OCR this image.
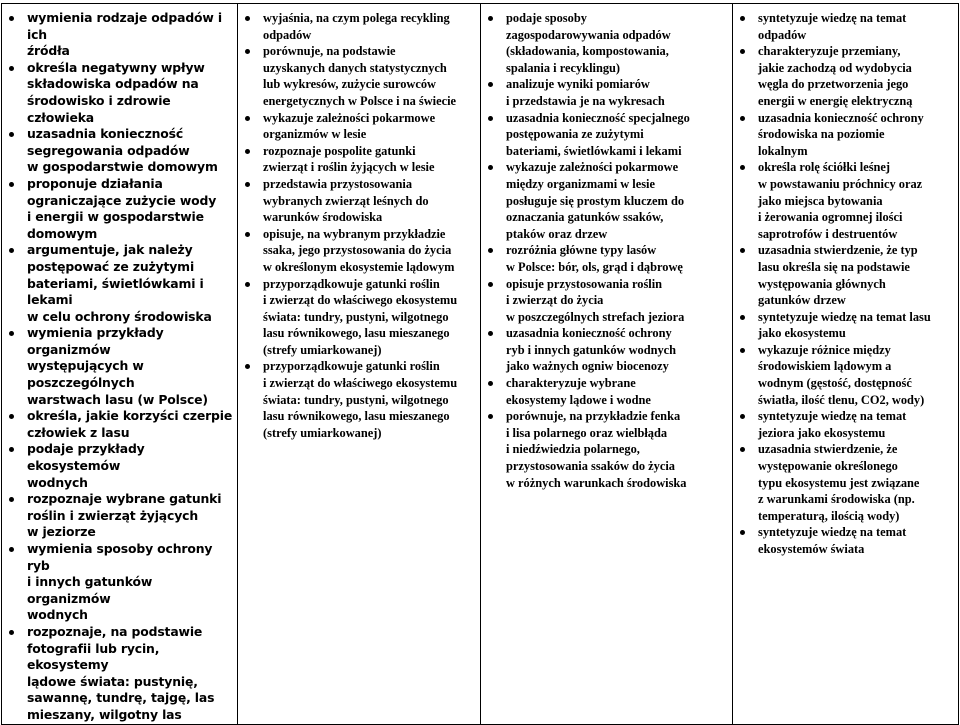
wymienia rodzaje odpadów i ich
źródła
określa negatywny wpływ
składowiska odpadów na
środowisko i zdrowie człowieka
uzasadnia konieczność
segregowania odpadów
w gospodarstwie domowym
proponuje działania
ograniczające zużycie wody
i energii w gospodarstwie
domowym
argumentuje, jak należy
postępować ze zużytymi
bateriami, świetlówkami i lekami
w celu ochrony środowiska
wymienia przykłady organizmów
występujących w poszczególnych
warstwach lasu (w Polsce)
określa, jakie korzyści czerpie
człowiek z lasu
podaje przykłady ekosystemów
wodnych
rozpoznaje wybrane gatunki
roślin i zwierząt żyjących
w jeziorze
wymienia sposoby ochrony ryb
i innych gatunków organizmów
wodnych
rozpoznaje, na podstawie
fotografii lub rycin, ekosystemy
lądowe świata: pustynię,
sawannę, tundrę, tajgę, las
mieszany, wilgotny las

wyjaśnia, na czym polega recykling
odpadów
porównuje, na podstawie
uzyskanych danych statystycznych
lub wykresów, zużycie surowców
energetycznych w Polsce i na świecie
wykazuje zależności pokarmowe
organizmów w lesie
rozpoznaje pospolite gatunki
zwierząt i roślin żyjących w lesie
przedstawia przystosowania
wybranych zwierząt leśnych do
warunków środowiska
opisuje, na wybranym przykładzie
ssaka, jego przystosowania do życia
w określonym ekosystemie lądowym
przyporządkowuje gatunki roślin
i zwierząt do właściwego ekosystemu
świata: tundry, pustyni, wilgotnego
lasu równikowego, lasu mieszanego
(strefy umiarkowanej)
przyporządkowuje gatunki roślin
i zwierząt do właściwego ekosystemu
świata: tundry, pustyni, wilgotnego
lasu równikowego, lasu mieszanego
(strefy umiarkowanej)

podaje sposoby
zagospodarowywania odpadów
(składowania, kompostowania,
spalania i recyklingu)
analizuje wyniki pomiarów
i przedstawia je na wykresach
uzasadnia konieczność specjalnego
postępowania ze zużytymi
bateriami, świetlówkami i lekami
wykazuje zależności pokarmowe
między organizmami w lesie
posługuje się prostym kluczem do
oznaczania gatunków ssaków,
ptaków oraz drzew
rozróżnia główne typy lasów
w Polsce: bór, ols, grąd i dąbrowę
opisuje przystosowania roślin
i zwierząt do życia
w poszczególnych strefach jeziora
uzasadnia konieczność ochrony
ryb i innych gatunków wodnych
jako ważnych ogniw biocenozy
charakteryzuje wybrane
ekosystemy lądowe i wodne
porównuje, na przykładzie fenka
i lisa polarnego oraz wielbłąda
i niedźwiedzia polarnego,
przystosowania ssaków do życia
w różnych warunkach środowiska

syntetyzuje wiedzę na temat
odpadów
charakteryzuje przemiany,
jakie zachodzą od wydobycia
węgla do przetworzenia jego
energii w energię elektryczną
uzasadnia konieczność ochrony
środowiska na poziomie
lokalnym
określa rolę ściółki leśnej
w powstawaniu próchnicy oraz
jako miejsca bytowania
i żerowania ogromnej ilości
saprotrofów i destruentów
uzasadnia stwierdzenie, że typ
lasu określa się na podstawie
występowania głównych
gatunków drzew
syntetyzuje wiedzę na temat lasu
jako ekosystemu
wykazuje różnice między
środowiskiem lądowym a
wodnym (gęstość, dostępność
światła, ilość tlenu, CO2, wody)
syntetyzuje wiedzę na temat
jeziora jako ekosystemu
uzasadnia stwierdzenie, że
występowanie określonego
typu ekosystemu jest związane
z warunkami środowiska (np.
temperaturą, ilością wody)
syntetyzuje wiedzę na temat
ekosystemów świata
